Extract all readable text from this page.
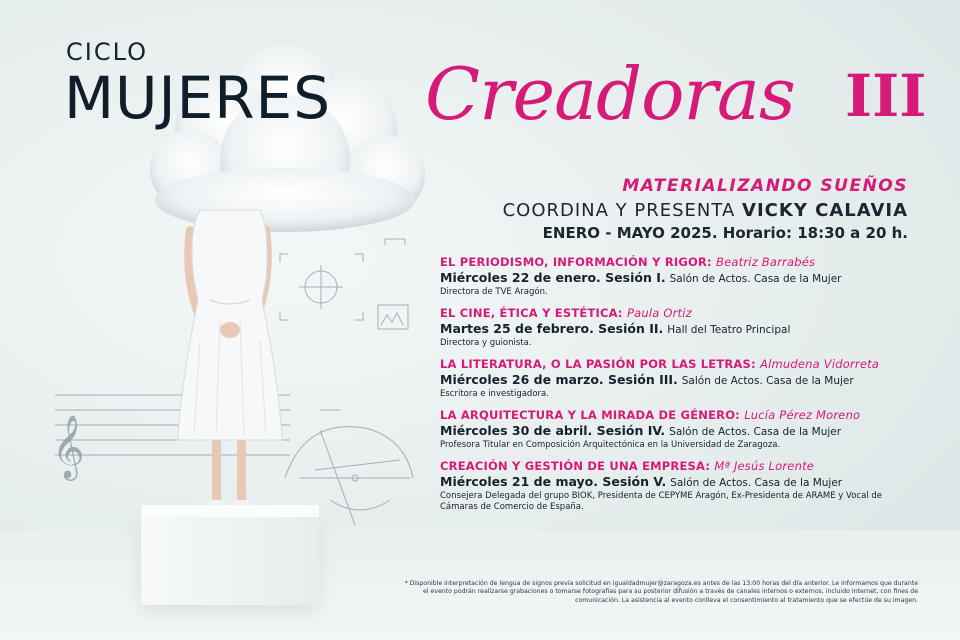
𝄞
CICLO
MUJERES Creadoras III
MATERIALIZANDO SUEÑOS
COORDINA Y PRESENTA VICKY CALAVIA
ENERO - MAYO 2025. Horario: 18:30 a 20 h.
EL PERIODISMO, INFORMACIÓN Y RIGOR: Beatriz Barrabés
Miércoles 22 de enero. Sesión I. Salón de Actos. Casa de la Mujer
Directora de TVE Aragón.
EL CINE, ÉTICA Y ESTÉTICA: Paula Ortiz
Martes 25 de febrero. Sesión II. Hall del Teatro Principal
Directora y guionista.
LA LITERATURA, O LA PASIÓN POR LAS LETRAS: Almudena Vidorreta
Miércoles 26 de marzo. Sesión III. Salón de Actos. Casa de la Mujer
Escritora e investigadora.
LA ARQUITECTURA Y LA MIRADA DE GÉNERO: Lucía Pérez Moreno
Miércoles 30 de abril. Sesión IV. Salón de Actos. Casa de la Mujer
Profesora Titular en Composición Arquitectónica en la Universidad de Zaragoza.
CREACIÓN Y GESTIÓN DE UNA EMPRESA: Mª Jesús Lorente
Miércoles 21 de mayo. Sesión V. Salón de Actos. Casa de la Mujer
Consejera Delegada del grupo BIOK, Presidenta de CEPYME Aragón, Ex-Presidenta de ARAME y Vocal de Cámaras de Comercio de España.
* Disponible interpretación de lengua de signos previa solicitud en igualdadmujer@zaragoza.es antes de las 13:00 horas del día anterior. Le informamos que durante el evento podrán realizarse grabaciones o tomarse fotografías para su posterior difusión a través de canales internos o externos, incluido Internet, con fines de comunicación. La asistencia al evento conlleva el consentimiento al tratamiento que se efectúe de su imagen.
